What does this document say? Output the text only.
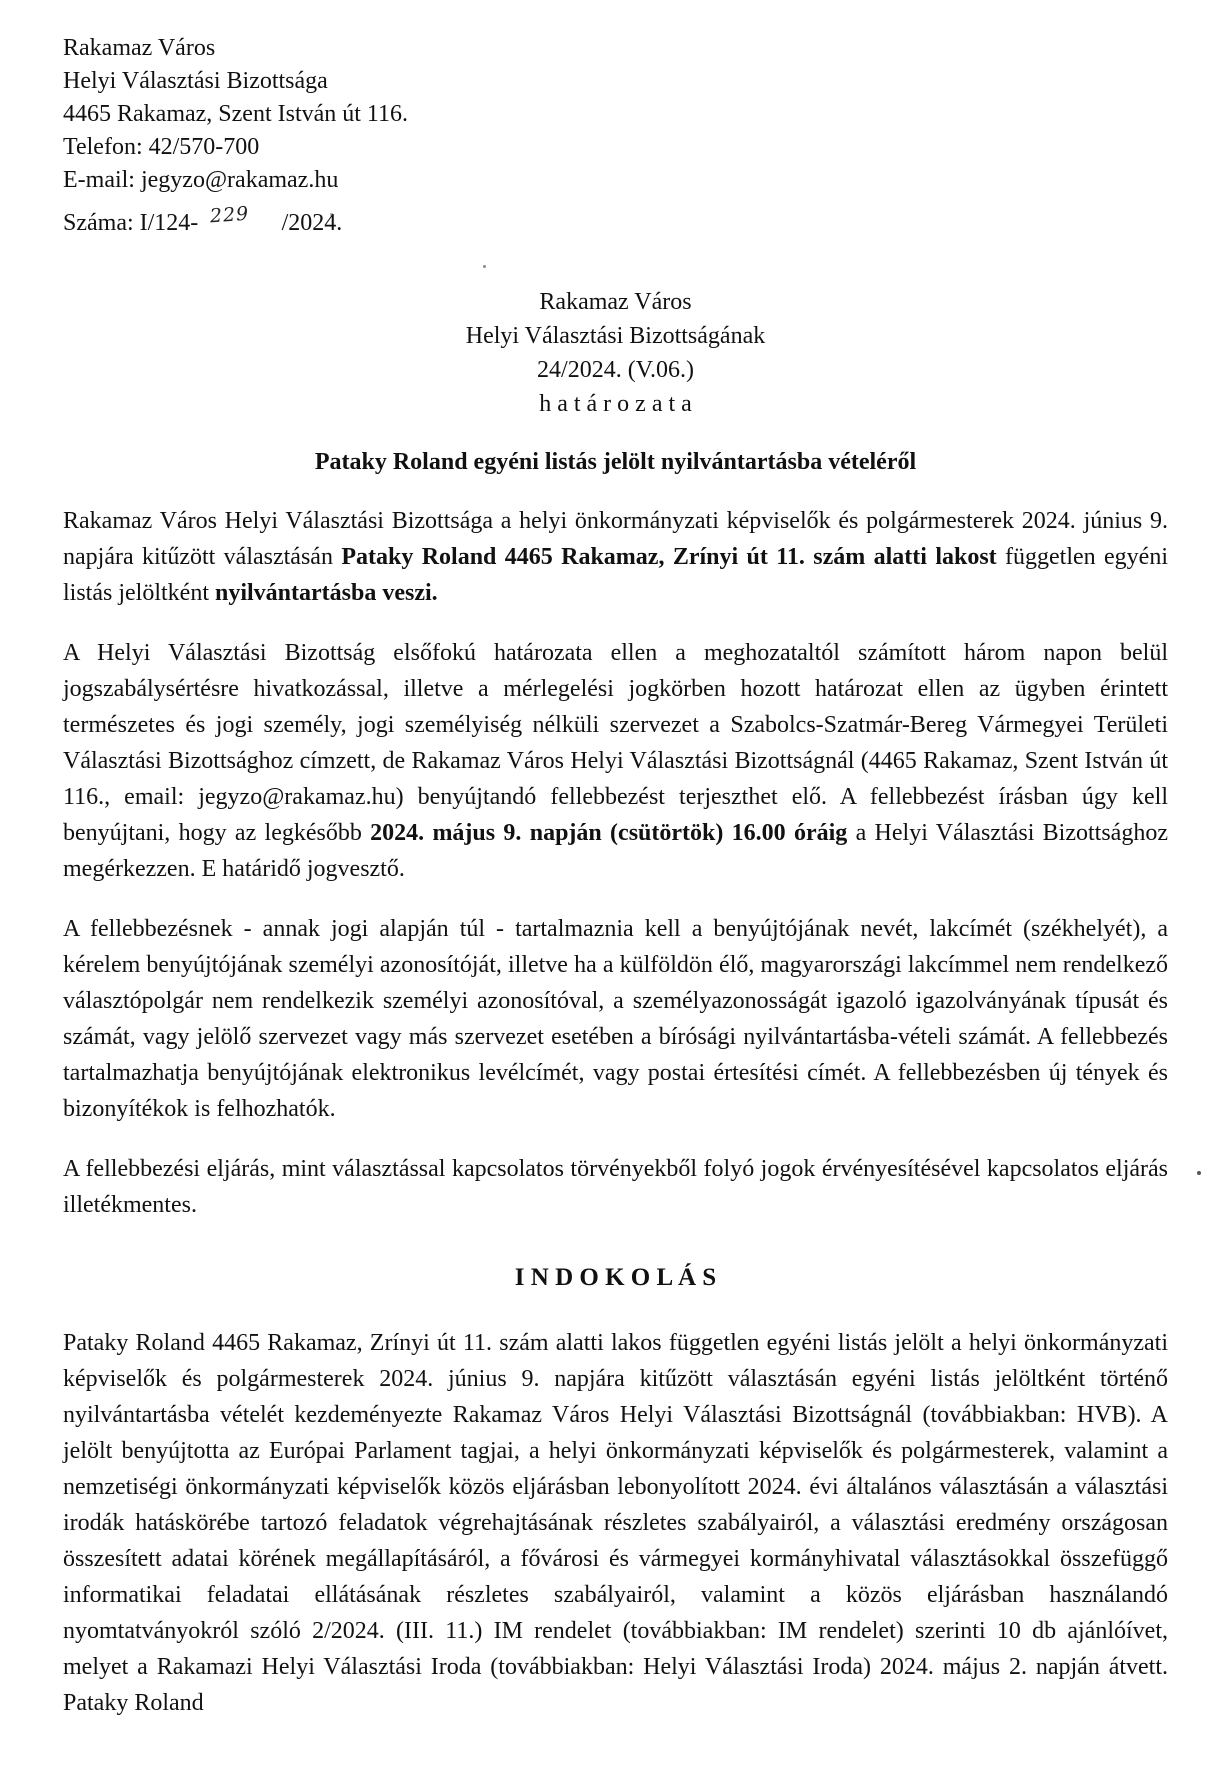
Rakamaz Város
Helyi Választási Bizottsága
4465 Rakamaz, Szent István út 116.
Telefon: 42/570-700
E-mail: jegyzo@rakamaz.hu
Száma: I/124- 229 /2024.
Rakamaz Város
Helyi Választási Bizottságának
24/2024. (V.06.)
h a t á r o z a t a
Pataky Roland egyéni listás jelölt nyilvántartásba vételéről

Rakamaz Város Helyi Választási Bizottsága a helyi önkormányzati képviselők és polgármesterek 2024. június 9. napjára kitűzött választásán Pataky Roland 4465 Rakamaz, Zrínyi út 11. szám alatti lakost független egyéni listás jelöltként nyilvántartásba veszi.

A Helyi Választási Bizottság elsőfokú határozata ellen a meghozataltól számított három napon belül jogszabálysértésre hivatkozással, illetve a mérlegelési jogkörben hozott határozat ellen az ügyben érintett természetes és jogi személy, jogi személyiség nélküli szervezet a Szabolcs-Szatmár-Bereg Vármegyei Területi Választási Bizottsághoz címzett, de Rakamaz Város Helyi Választási Bizottságnál (4465 Rakamaz, Szent István út 116., email: jegyzo@rakamaz.hu) benyújtandó fellebbezést terjeszthet elő. A fellebbezést írásban úgy kell benyújtani, hogy az legkésőbb 2024. május 9. napján (csütörtök) 16.00 óráig a Helyi Választási Bizottsághoz megérkezzen. E határidő jogvesztő.

A fellebbezésnek - annak jogi alapján túl - tartalmaznia kell a benyújtójának nevét, lakcímét (székhelyét), a kérelem benyújtójának személyi azonosítóját, illetve ha a külföldön élő, magyarországi lakcímmel nem rendelkező választópolgár nem rendelkezik személyi azonosítóval, a személyazonosságát igazoló igazolványának típusát és számát, vagy jelölő szervezet vagy más szervezet esetében a bírósági nyilvántartásba-vételi számát. A fellebbezés tartalmazhatja benyújtójának elektronikus levélcímét, vagy postai értesítési címét. A fellebbezésben új tények és bizonyítékok is felhozhatók.

A fellebbezési eljárás, mint választással kapcsolatos törvényekből folyó jogok érvényesítésével kapcsolatos eljárás illetékmentes.

I N D O K O L Á S

Pataky Roland 4465 Rakamaz, Zrínyi út 11. szám alatti lakos független egyéni listás jelölt a helyi önkormányzati képviselők és polgármesterek 2024. június 9. napjára kitűzött választásán egyéni listás jelöltként történő nyilvántartásba vételét kezdeményezte Rakamaz Város Helyi Választási Bizottságnál (továbbiakban: HVB). A jelölt benyújtotta az Európai Parlament tagjai, a helyi önkormányzati képviselők és polgármesterek, valamint a nemzetiségi önkormányzati képviselők közös eljárásban lebonyolított 2024. évi általános választásán a választási irodák hatáskörébe tartozó feladatok végrehajtásának részletes szabályairól, a választási eredmény országosan összesített adatai körének megállapításáról, a fővárosi és vármegyei kormányhivatal választásokkal összefüggő informatikai feladatai ellátásának részletes szabályairól, valamint a közös eljárásban használandó nyomtatványokról szóló 2/2024. (III. 11.) IM rendelet (továbbiakban: IM rendelet) szerinti 10 db ajánlóívet, melyet a Rakamazi Helyi Választási Iroda (továbbiakban: Helyi Választási Iroda) 2024. május 2. napján átvett. Pataky Roland
